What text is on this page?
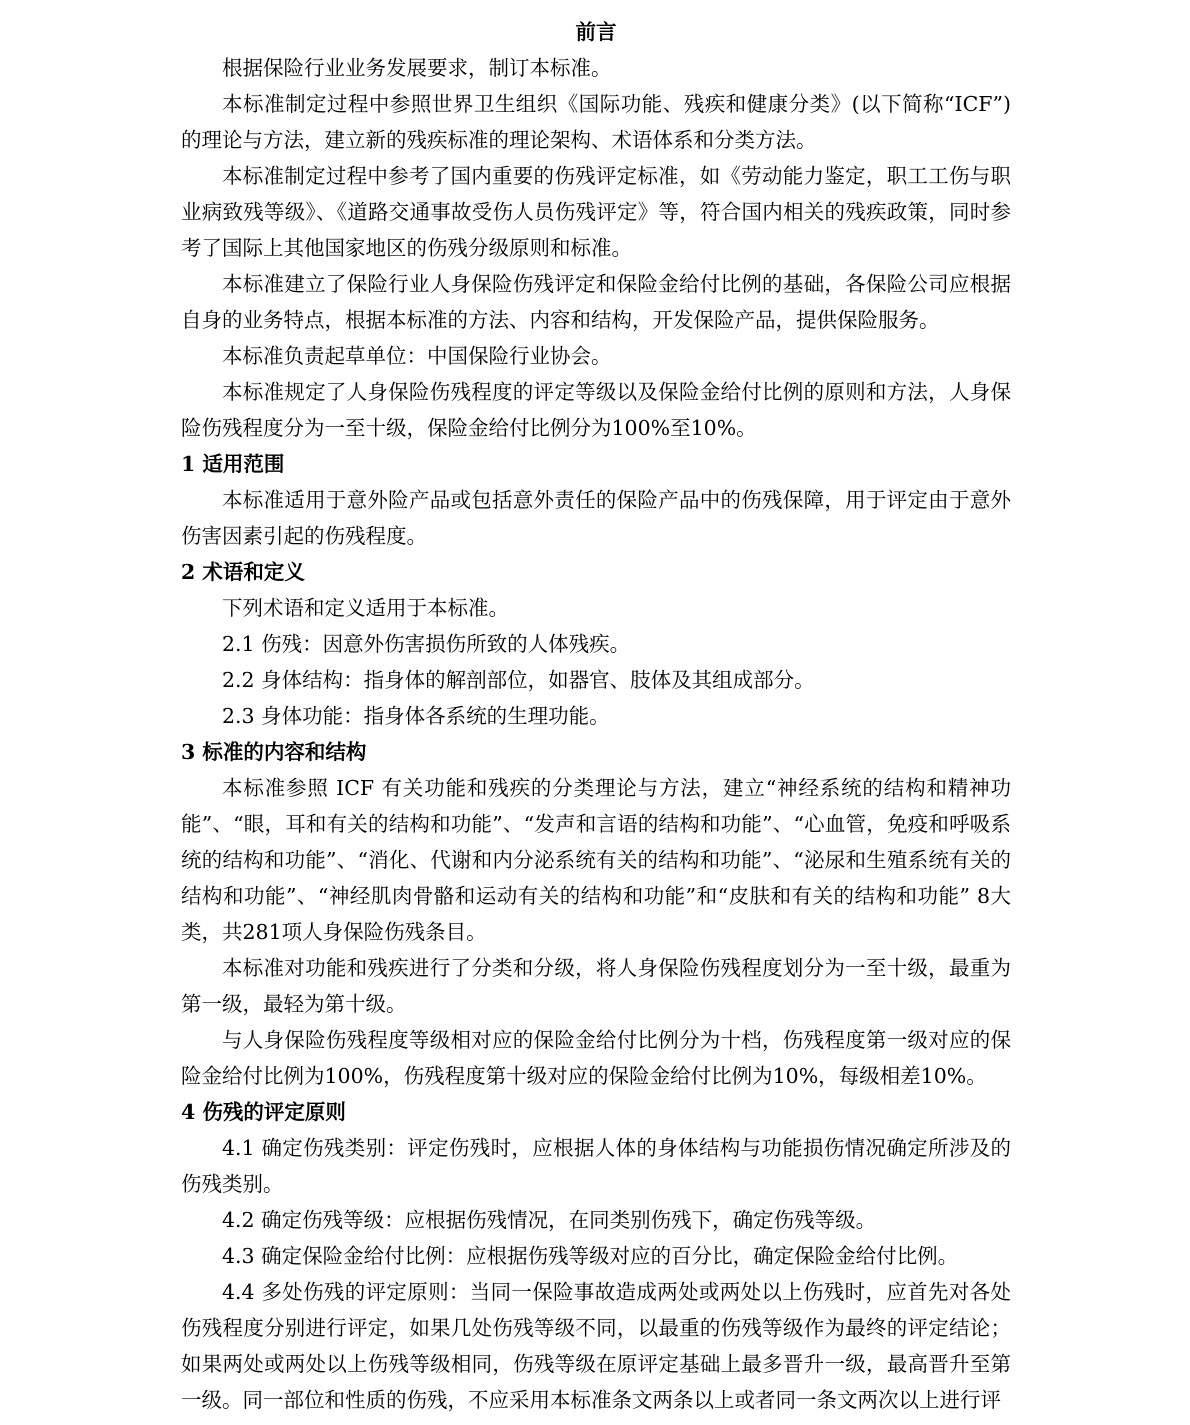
前言

根据保险行业业务发展要求，制订本标准。

本标准制定过程中参照世界卫生组织《国际功能、残疾和健康分类》(以下简称“ICF”)的理论与方法，建立新的残疾标准的理论架构、术语体系和分类方法。

本标准制定过程中参考了国内重要的伤残评定标准，如《劳动能力鉴定，职工工伤与职业病致残等级》、《道路交通事故受伤人员伤残评定》等，符合国内相关的残疾政策，同时参考了国际上其他国家地区的伤残分级原则和标准。

本标准建立了保险行业人身保险伤残评定和保险金给付比例的基础，各保险公司应根据自身的业务特点，根据本标准的方法、内容和结构，开发保险产品，提供保险服务。

本标准负责起草单位：中国保险行业协会。

本标准规定了人身保险伤残程度的评定等级以及保险金给付比例的原则和方法，人身保险伤残程度分为一至十级，保险金给付比例分为100%至10%。

1 适用范围

本标准适用于意外险产品或包括意外责任的保险产品中的伤残保障，用于评定由于意外伤害因素引起的伤残程度。

2 术语和定义

下列术语和定义适用于本标准。

2.1 伤残：因意外伤害损伤所致的人体残疾。

2.2 身体结构：指身体的解剖部位，如器官、肢体及其组成部分。

2.3 身体功能：指身体各系统的生理功能。

3 标准的内容和结构

本标准参照 ICF 有关功能和残疾的分类理论与方法，建立“神经系统的结构和精神功能”、“眼，耳和有关的结构和功能”、“发声和言语的结构和功能”、“心血管，免疫和呼吸系统的结构和功能”、“消化、代谢和内分泌系统有关的结构和功能”、“泌尿和生殖系统有关的结构和功能”、“神经肌肉骨骼和运动有关的结构和功能”和“皮肤和有关的结构和功能” 8大类，共281项人身保险伤残条目。

本标准对功能和残疾进行了分类和分级，将人身保险伤残程度划分为一至十级，最重为第一级，最轻为第十级。

与人身保险伤残程度等级相对应的保险金给付比例分为十档，伤残程度第一级对应的保险金给付比例为100%，伤残程度第十级对应的保险金给付比例为10%，每级相差10%。

4 伤残的评定原则

4.1 确定伤残类别：评定伤残时，应根据人体的身体结构与功能损伤情况确定所涉及的伤残类别。

4.2 确定伤残等级：应根据伤残情况，在同类别伤残下，确定伤残等级。

4.3 确定保险金给付比例：应根据伤残等级对应的百分比，确定保险金给付比例。

4.4 多处伤残的评定原则：当同一保险事故造成两处或两处以上伤残时，应首先对各处伤残程度分别进行评定，如果几处伤残等级不同，以最重的伤残等级作为最终的评定结论；如果两处或两处以上伤残等级相同，伤残等级在原评定基础上最多晋升一级，最高晋升至第一级。同一部位和性质的伤残，不应采用本标准条文两条以上或者同一条文两次以上进行评
